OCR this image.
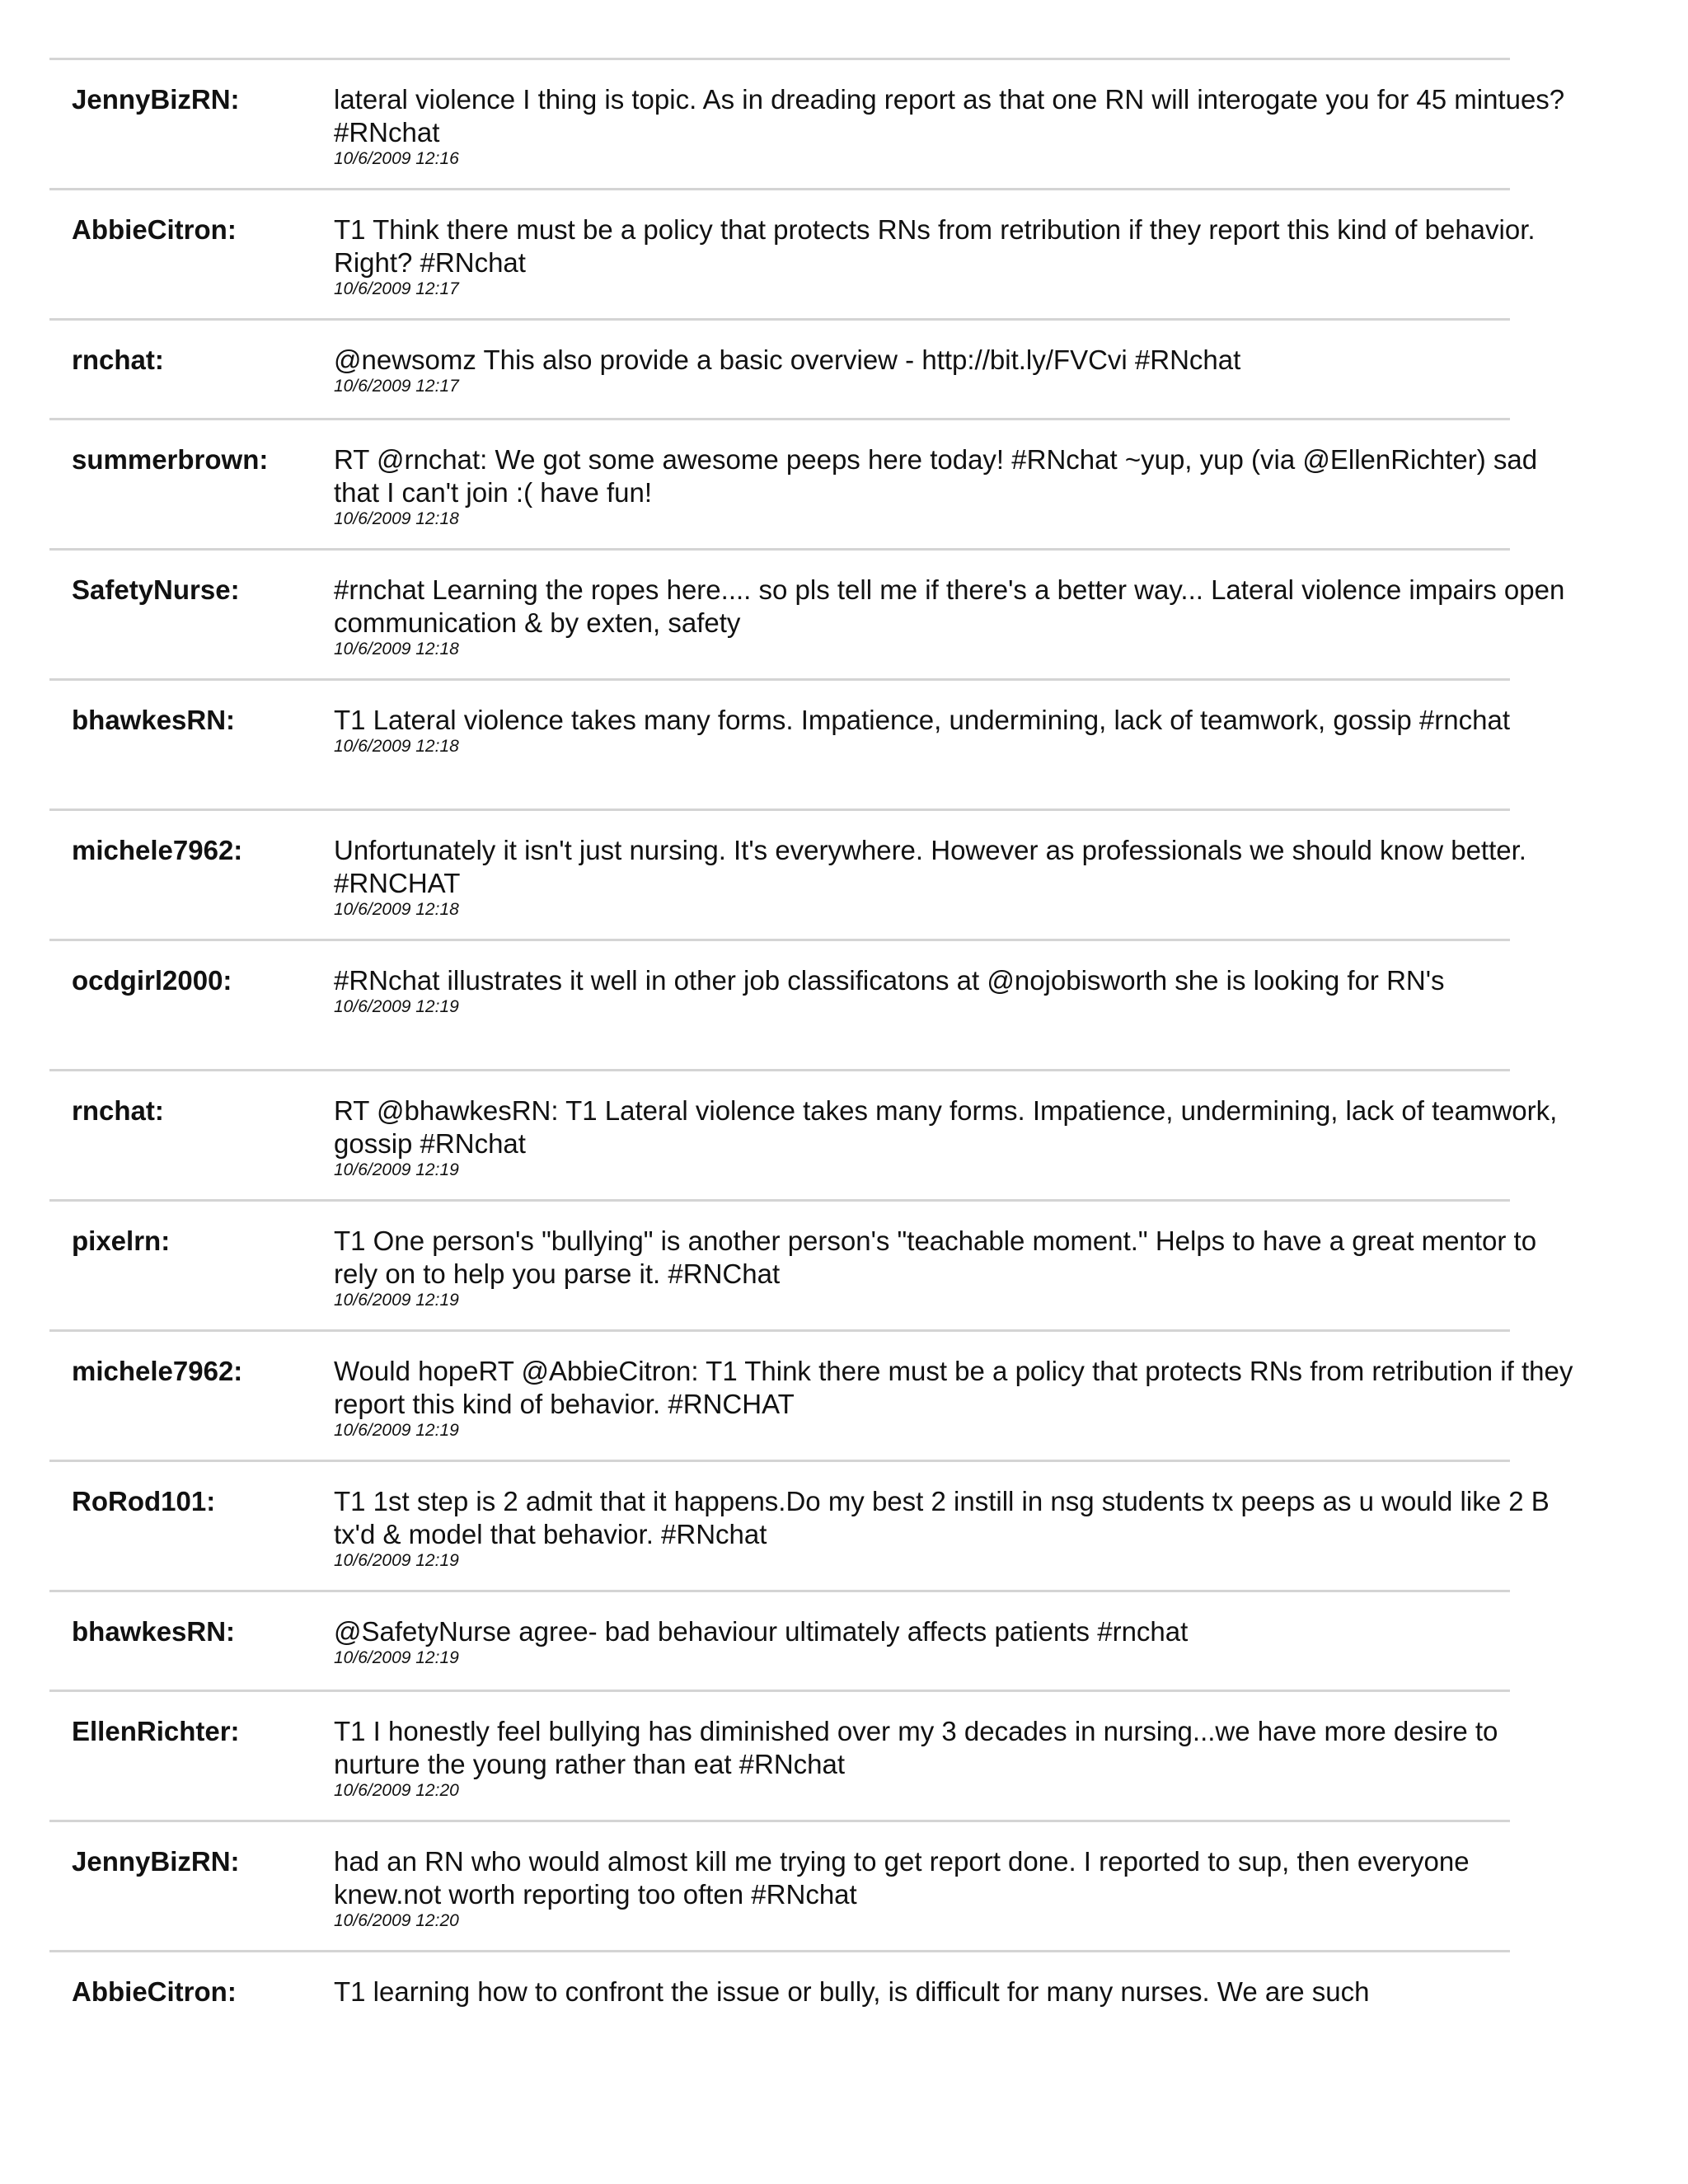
JennyBizRN:	lateral violence I thing is topic. As in dreading report as that one RN will interogate you for 45 mintues? #RNchat
10/6/2009 12:16
AbbieCitron:	T1 Think there must be a policy that protects RNs from retribution if they report this kind of behavior. Right? #RNchat
10/6/2009 12:17
rnchat:	@newsomz This also provide a basic overview - http://bit.ly/FVCvi #RNchat
10/6/2009 12:17
summerbrown: RT @rnchat: We got some awesome peeps here today! #RNchat ~yup, yup (via @EllenRichter) sad that I can't join :( have fun!
10/6/2009 12:18
SafetyNurse:	#rnchat Learning the ropes here.... so pls tell me if there's a better way... Lateral violence impairs open communication & by exten, safety
10/6/2009 12:18
bhawkesRN:	T1 Lateral violence takes many forms. Impatience, undermining, lack of teamwork, gossip #rnchat
10/6/2009 12:18
michele7962:	Unfortunately it isn't just nursing. It's everywhere. However as professionals we should know better. #RNCHAT
10/6/2009 12:18
ocdgirl2000:	#RNchat illustrates it well in other job classificatons at @nojobisworth she is looking for RN's
10/6/2009 12:19
rnchat:	RT @bhawkesRN: T1 Lateral violence takes many forms. Impatience, undermining, lack of teamwork, gossip #RNchat
10/6/2009 12:19
pixelrn:	T1 One person's "bullying" is another person's "teachable moment." Helps to have a great mentor to rely on to help you parse it. #RNChat
10/6/2009 12:19
michele7962:	Would hopeRT @AbbieCitron: T1 Think there must be a policy that protects RNs from retribution if they report this kind of behavior. #RNCHAT
10/6/2009 12:19
RoRod101:	T1 1st step is 2 admit that it happens.Do my best 2 instill in nsg students tx peeps as u would like 2 B tx'd & model that behavior. #RNchat
10/6/2009 12:19
bhawkesRN:	@SafetyNurse agree- bad behaviour ultimately affects patients #rnchat
10/6/2009 12:19
EllenRichter:	T1 I honestly feel bullying has diminished over my 3 decades in nursing...we have more desire to nurture the young rather than eat #RNchat
10/6/2009 12:20
JennyBizRN:	had an RN who would almost kill me trying to get report done. I reported to sup, then everyone knew.not worth reporting too often #RNchat
10/6/2009 12:20
AbbieCitron:	T1 learning how to confront the issue or bully, is difficult for many nurses. We are such
